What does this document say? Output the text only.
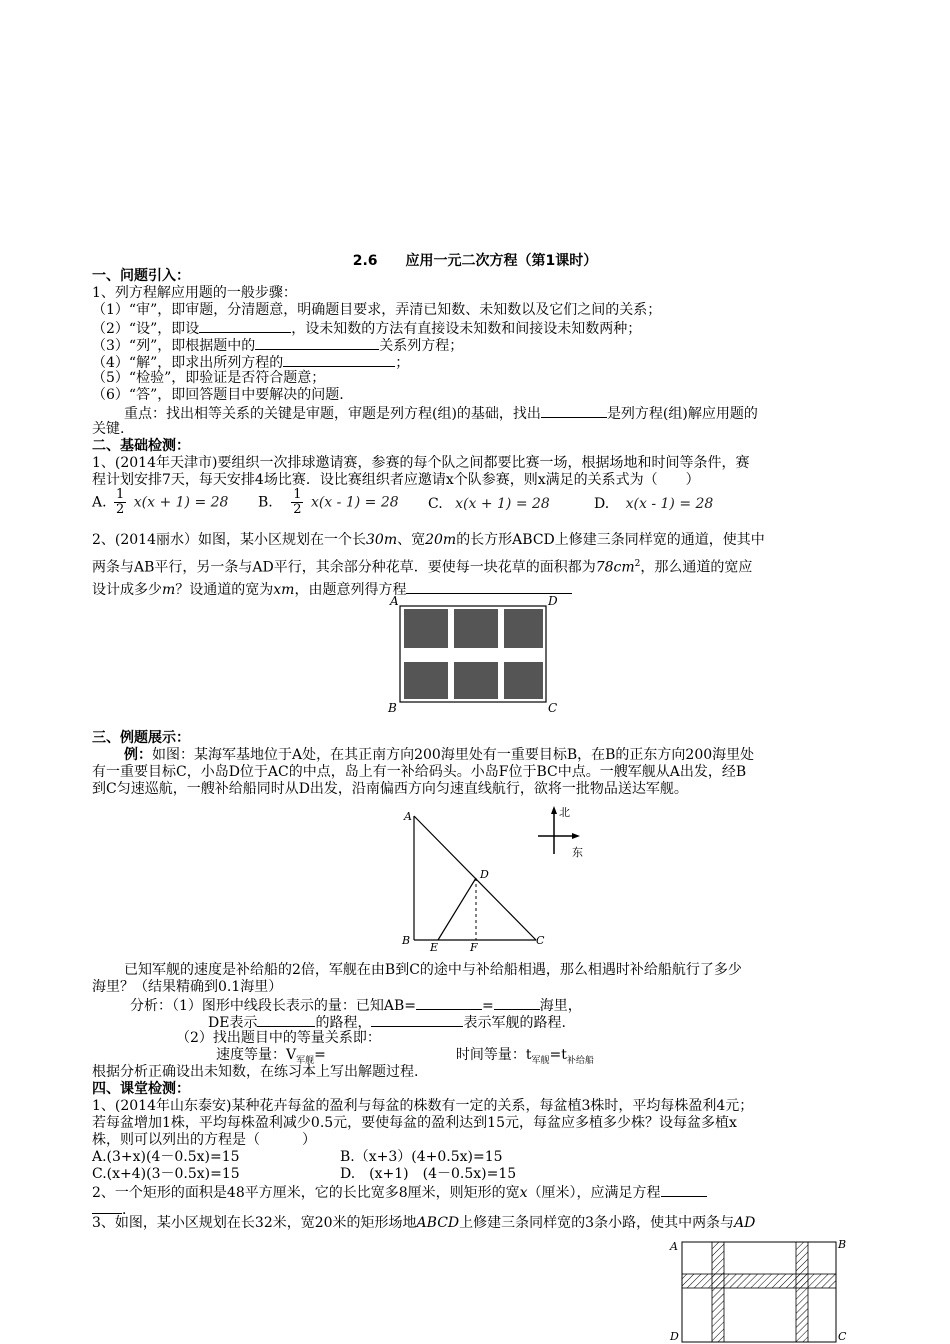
2.6　　应用一元二次方程（第1课时）
一、问题引入：
1、列方程解应用题的一般步骤：
（1）“审”，即审题，分清题意，明确题目要求，弄清已知数、未知数以及它们之间的关系；
（2）“设”，即设	，设未知数的方法有直接设未知数和间接设未知数两种；
（3）“列”，即根据题中的	关系列方程；
（4）“解”，即求出所列方程的	；
（5）“检验”，即验证是否符合题意；
（6）“答”，即回答题目中要解决的问题.
重点：找出相等关系的关键是审题，审题是列方程(组)的基础，找出	是列方程(组)解应用题的
关键.
二、基础检测：
1、(2014年天津市)要组织一次排球邀请赛，参赛的每个队之间都要比赛一场，根据场地和时间等条件，赛
程计划安排7天，每天安排4场比赛．设比赛组织者应邀请x个队参赛，则x满足的关系式为（　　）
A. $\frac{1}{2} x(x + 1) = 28$ B. $\frac{1}{2} x(x - 1) = 28$ C. x(x + 1) = 28	D. x(x - 1) = 28
2、(2014丽水）如图，某小区规划在一个长30m、宽20m的长方形ABCD上修建三条同样宽的通道，使其中
两条与AB平行，另一条与AD平行，其余部分种花草．要使每一块花草的面积都为$78cm^2$，那么通道的宽应
设计成多少m？设通道的宽为xm，由题意列得方程
A	D
B	C
三、例题展示：
例：如图：某海军基地位于A处，在其正南方向200海里处有一重要目标B，在B的正东方向200海里处
有一重要目标C，小岛D位于AC的中点，岛上有一补给码头。小岛F位于BC中点。一艘军舰从A出发，经B
到C匀速巡航，一艘补给船同时从D出发，沿南偏西方向匀速直线航行，欲将一批物品送达军舰。
A
B	C
D
E	F
北
东
已知军舰的速度是补给船的2倍，军舰在由B到C的途中与补给船相遇，那么相遇时补给船航行了多少
海里？（结果精确到0.1海里）
分析：（1）图形中线段长表示的量：已知AB=	=	海里，
DE表示	的路程，	表示军舰的路程.
（2）找出题目中的等量关系即：
速度等量：$V_{军舰}=$	时间等量：$t_{军舰}=t_{补给船}$
根据分析正确设出未知数，在练习本上写出解题过程.
四、课堂检测：
1、(2014年山东泰安)某种花卉每盆的盈利与每盆的株数有一定的关系，每盆植3株时，平均每株盈利4元；
若每盆增加1株，平均每株盈利减少0.5元，要使每盆的盈利达到15元，每盆应多植多少株？设每盆多植x
株，则可以列出的方程是（　　　）
A.(3+x)(4－0.5x)=15	B.（x+3）(4+0.5x)=15
C.(x+4)(3－0.5x)=15	D.　(x+1)　(4－0.5x)=15
2、一个矩形的面积是48平方厘米，它的长比宽多8厘米，则矩形的宽x（厘米），应满足方程
．
3、如图，某小区规划在长32米，宽20米的矩形场地ABCD上修建三条同样宽的3条小路，使其中两条与AD
A	B
D	C
